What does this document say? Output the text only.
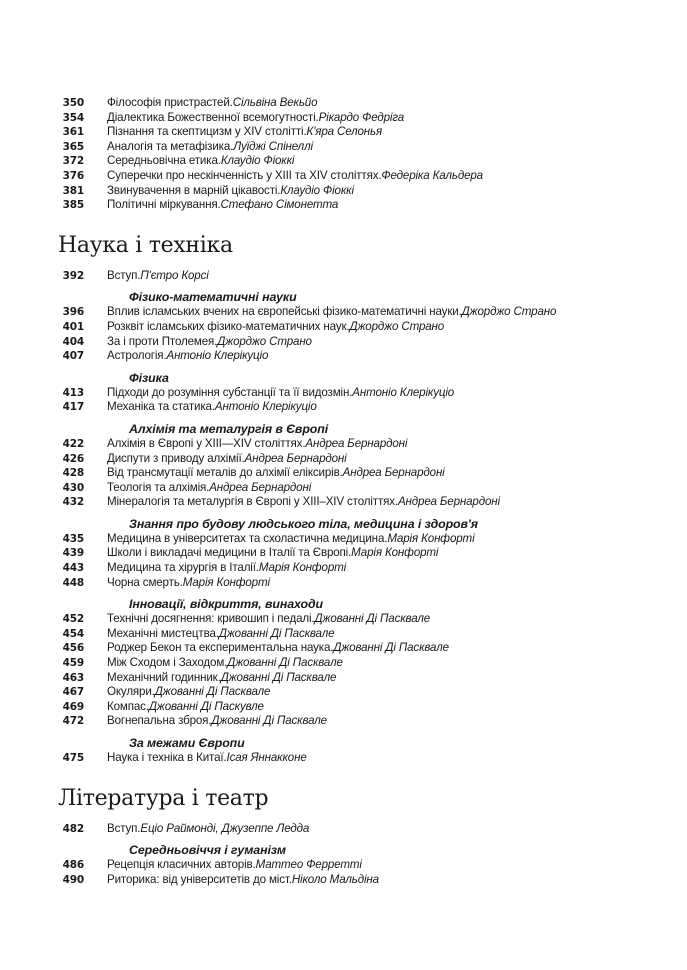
350	Філософія пристрастей. Сільвіна Векьйо
354	Діалектика Божественної всемогутності. Рікардо Федріга
361	Пізнання та скептицизм у XIV столітті. К'яра Селонья
365	Аналогія та метафізика. Луїджі Спінеллі
372	Середньовічна етика. Клаудіо Фіоккі
376	Суперечки про нескінченність у XIII та XIV століттях. Федеріка Кальдера
381	Звинувачення в марній цікавості. Клаудіо Фіоккі
385	Політичні міркування. Стефано Сімонетта
Наука і техніка
392	Вступ. П'єтро Корсі
Фізико-математичні науки
396	Вплив ісламських вчених на європейські фізико-математичні науки. Джорджо Страно
401	Розквіт ісламських фізико-математичних наук. Джорджо Страно
404	За і проти Птолемея. Джорджо Страно
407	Астрологія. Антоніо Клерікуціо
Фізика
413	Підходи до розуміння субстанції та її видозмін. Антоніо Клерікуціо
417	Механіка та статика. Антоніо Клерікуціо
Алхімія та металургія в Європі
422	Алхімія в Європі у XIII—XIV століттях. Андреа Бернардоні
426	Диспути з приводу алхімії. Андреа Бернардоні
428	Від трансмутації металів до алхімії еліксирів. Андреа Бернардоні
430	Теологія та алхімія. Андреа Бернардоні
432	Мінералогія та металургія в Європі у XIII–XIV століттях. Андреа Бернардоні
Знання про будову людського тіла, медицина і здоров'я
435	Медицина в університетах та схоластична медицина. Марія Конфорті
439	Школи і викладачі медицини в Італії та Європі. Марія Конфорті
443	Медицина та хірургія в Італії. Марія Конфорті
448	Чорна смерть. Марія Конфорті
Інновації, відкриття, винаходи
452	Технічні досягнення: кривошип і педалі. Джованні Ді Пасквале
454	Механічні мистецтва. Джованні Ді Пасквале
456	Роджер Бекон та експериментальна наука. Джованні Ді Пасквале
459	Між Сходом і Заходом. Джованні Ді Пасквале
463	Механічний годинник. Джованні Ді Пасквале
467	Окуляри. Джованні Ді Пасквале
469	Компас. Джованні Ді Паскувле
472	Вогнепальна зброя. Джованні Ді Пасквале
За межами Європи
475	Наука і техніка в Китаї. Ісая Яннакконе
Література і театр
482	Вступ. Еціо Раймонді, Джузеппе Ледда
Середньовіччя і гуманізм
486	Рецепція класичних авторів. Маттео Ферретті
490	Риторика: від університетів до міст. Ніколо Мальдіна
